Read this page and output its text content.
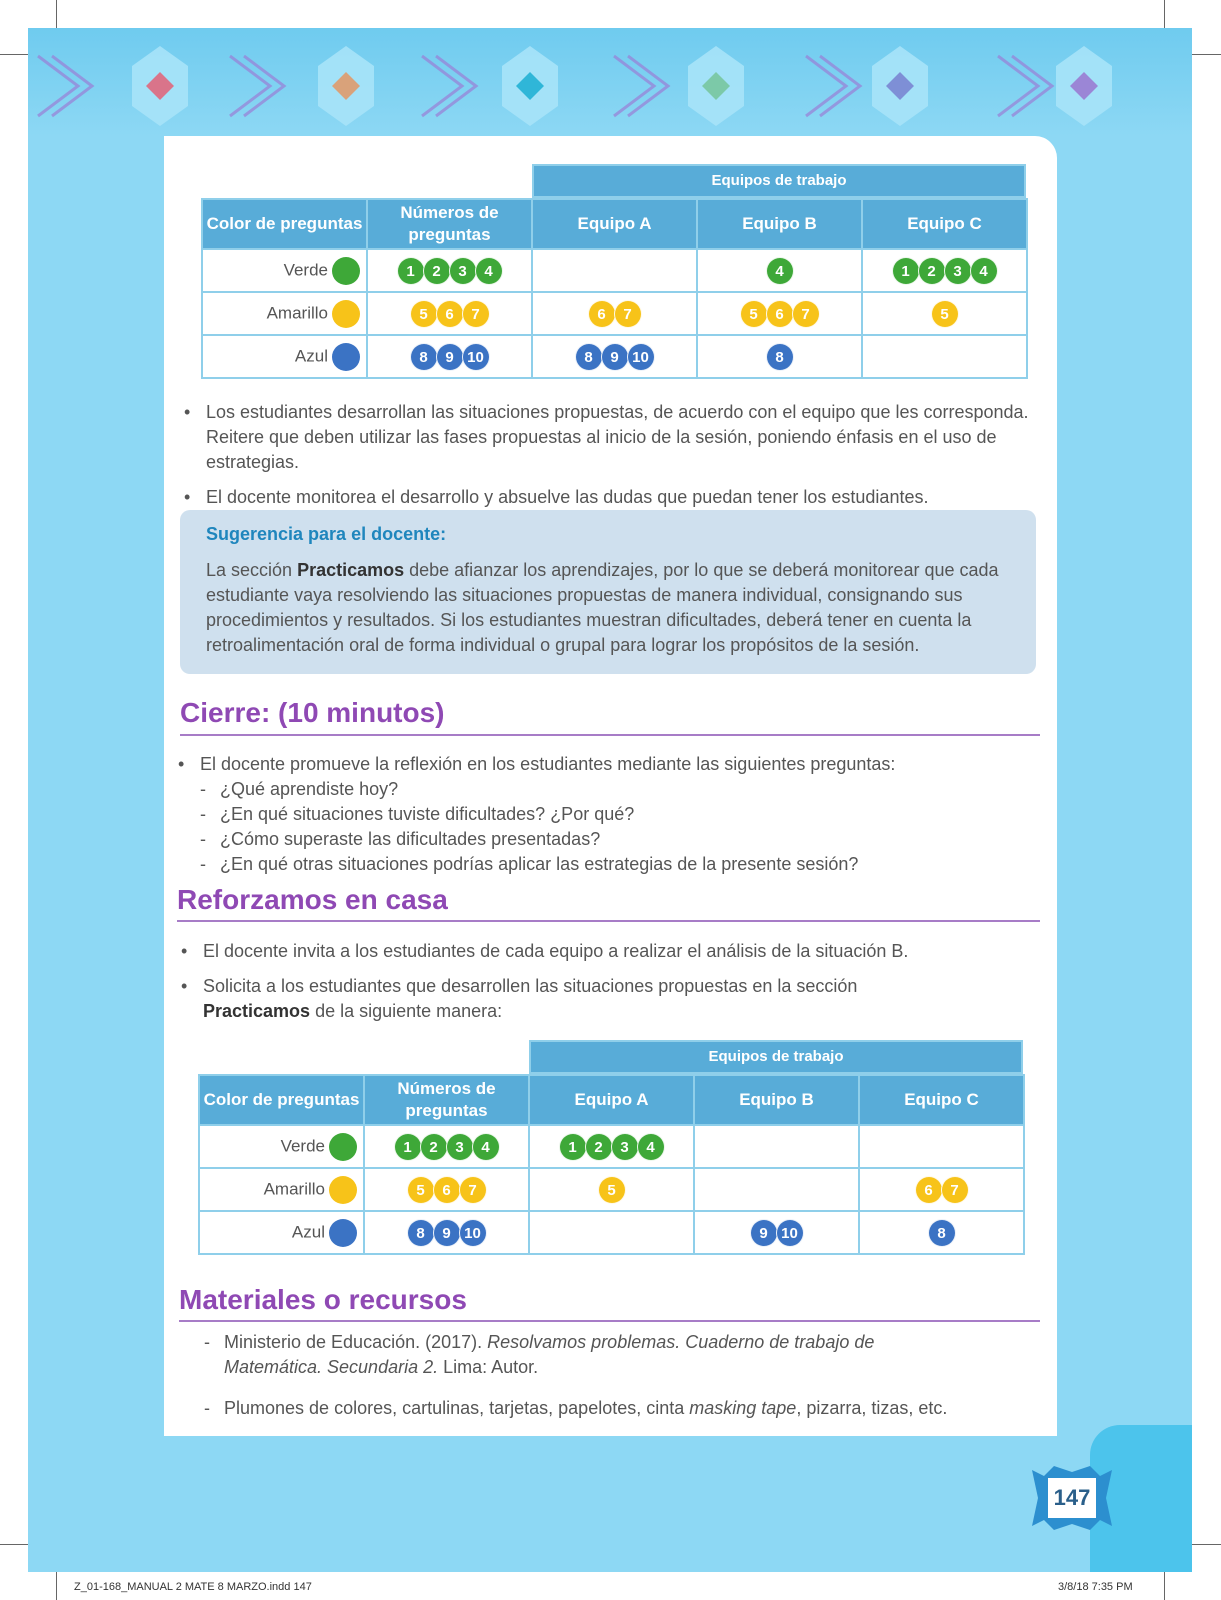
Equipos de trabajo
Color de preguntas	Números de preguntas	Equipo A	Equipo B	Equipo C
Verde	1 2 3 4		4	1 2 3 4
Amarillo	5 6 7	6 7	5 6 7	5
Azul	8 9 10	8 9 10	8	
• Los estudiantes desarrollan las situaciones propuestas, de acuerdo con el equipo que les corresponda. Reitere que deben utilizar las fases propuestas al inicio de la sesión, poniendo énfasis en el uso de estrategias.
• El docente monitorea el desarrollo y absuelve las dudas que puedan tener los estudiantes.
Sugerencia para el docente:
La sección Practicamos debe afianzar los aprendizajes, por lo que se deberá monitorear que cada estudiante vaya resolviendo las situaciones propuestas de manera individual, consignando sus procedimientos y resultados. Si los estudiantes muestran dificultades, deberá tener en cuenta la retroalimentación oral de forma individual o grupal para lograr los propósitos de la sesión.
Cierre: (10 minutos)
• El docente promueve la reflexión en los estudiantes mediante las siguientes preguntas:
- ¿Qué aprendiste hoy?
- ¿En qué situaciones tuviste dificultades? ¿Por qué?
- ¿Cómo superaste las dificultades presentadas?
- ¿En qué otras situaciones podrías aplicar las estrategias de la presente sesión?
Reforzamos en casa
• El docente invita a los estudiantes de cada equipo a realizar el análisis de la situación B.
• Solicita a los estudiantes que desarrollen las situaciones propuestas en la sección Practicamos de la siguiente manera:
Equipos de trabajo
Color de preguntas	Números de preguntas	Equipo A	Equipo B	Equipo C
Verde	1 2 3 4	1 2 3 4		
Amarillo	5 6 7	5		6 7
Azul	8 9 10		9 10	8
Materiales o recursos
- Ministerio de Educación. (2017). Resolvamos problemas. Cuaderno de trabajo de Matemática. Secundaria 2. Lima: Autor.
- Plumones de colores, cartulinas, tarjetas, papelotes, cinta masking tape, pizarra, tizas, etc.
147
Z_01-168_MANUAL 2 MATE 8 MARZO.indd 147	3/8/18 7:35 PM
